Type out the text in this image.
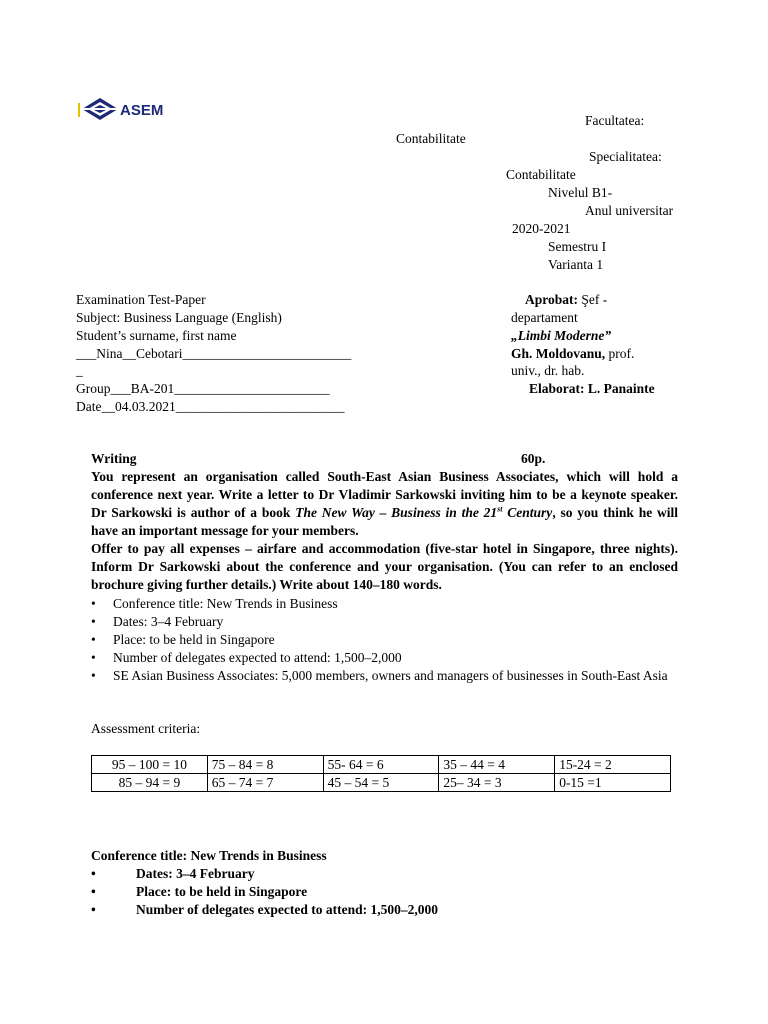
ASEM
Facultatea:
Contabilitate
Specialitatea:
Contabilitate
Nivelul B1-
Anul universitar
2020-2021
Semestru I
Varianta 1
Examination Test-Paper
Subject: Business Language (English)
Student’s surname, first name
___Nina__Cebotari_________________________
_
Group___BA-201_______________________
Date__04.03.2021_________________________
Aprobat: Şef -
departament
„Limbi Moderne”
Gh. Moldovanu, prof.
univ., dr. hab.
Elaborat: L. Panainte
Writing	60p.

You represent an organisation called South-East Asian Business Associates, which will hold a conference next year. Write a letter to Dr Vladimir Sarkowski inviting him to be a keynote speaker. Dr Sarkowski is author of a book The New Way – Business in the 21st Century, so you think he will have an important message for your members.

Offer to pay all expenses – airfare and accommodation (five-star hotel in Singapore, three nights). Inform Dr Sarkowski about the conference and your organisation. (You can refer to an enclosed brochure giving further details.) Write about 140–180 words.

• Conference title: New Trends in Business
• Dates: 3–4 February
• Place: to be held in Singapore
• Number of delegates expected to attend: 1,500–2,000
• SE Asian Business Associates: 5,000 members, owners and managers of businesses in South-East Asia
Assessment criteria:
95 – 100 = 10	75 – 84 = 8	55- 64 = 6	35 – 44 = 4	15-24 = 2
85 – 94 = 9	65 – 74 = 7	45 – 54 = 5	25– 34 = 3	0-15 =1
Conference title: New Trends in Business
•	Dates: 3–4 February
•	Place: to be held in Singapore
•	Number of delegates expected to attend: 1,500–2,000
